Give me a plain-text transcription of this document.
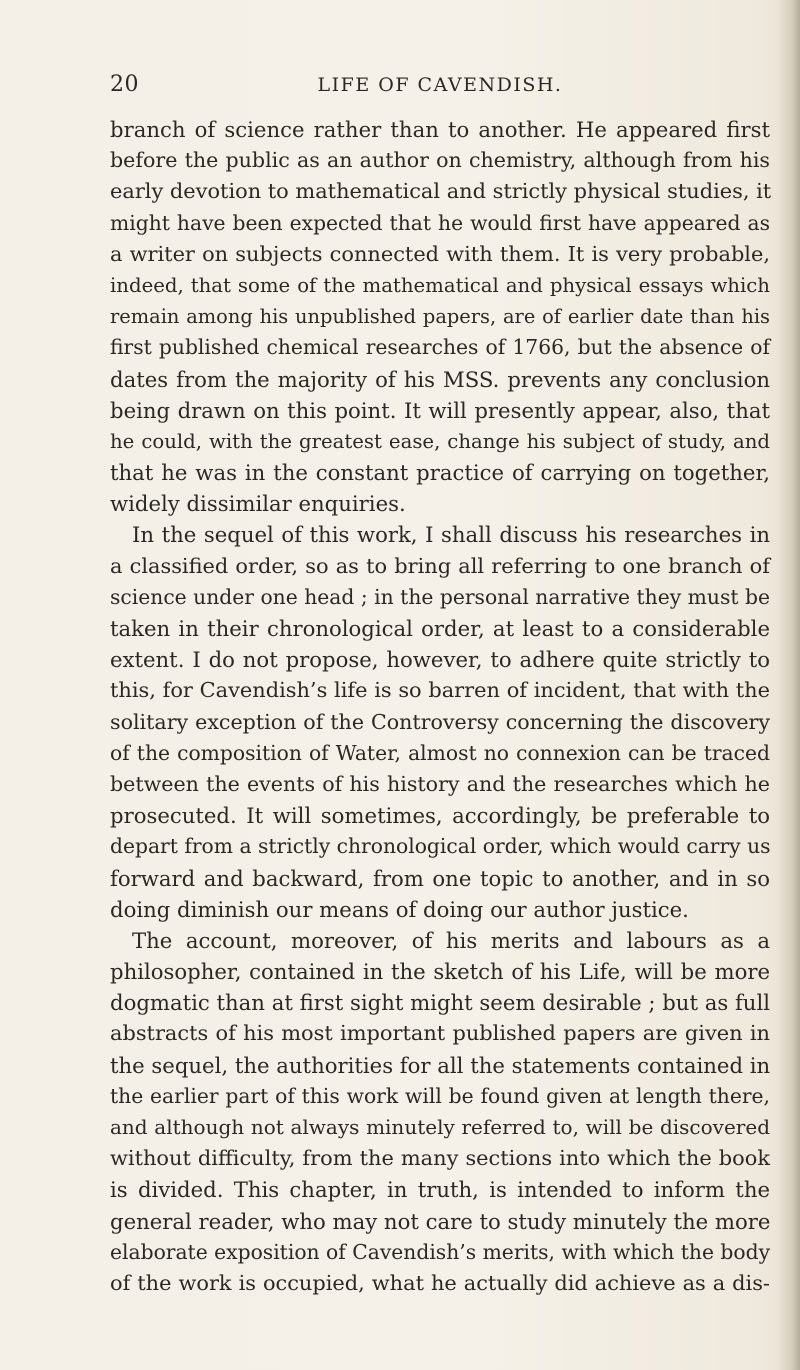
20	LIFE OF CAVENDISH.
branch of science rather than to another. He appeared first
before the public as an author on chemistry, although from his
early devotion to mathematical and strictly physical studies, it
might have been expected that he would first have appeared as
a writer on subjects connected with them. It is very probable,
indeed, that some of the mathematical and physical essays which
remain among his unpublished papers, are of earlier date than his
first published chemical researches of 1766, but the absence of
dates from the majority of his MSS. prevents any conclusion
being drawn on this point. It will presently appear, also, that
he could, with the greatest ease, change his subject of study, and
that he was in the constant practice of carrying on together,
widely dissimilar enquiries.
In the sequel of this work, I shall discuss his researches in
a classified order, so as to bring all referring to one branch of
science under one head ; in the personal narrative they must be
taken in their chronological order, at least to a considerable
extent. I do not propose, however, to adhere quite strictly to
this, for Cavendish’s life is so barren of incident, that with the
solitary exception of the Controversy concerning the discovery
of the composition of Water, almost no connexion can be traced
between the events of his history and the researches which he
prosecuted. It will sometimes, accordingly, be preferable to
depart from a strictly chronological order, which would carry us
forward and backward, from one topic to another, and in so
doing diminish our means of doing our author justice.
The account, moreover, of his merits and labours as a
philosopher, contained in the sketch of his Life, will be more
dogmatic than at first sight might seem desirable ; but as full
abstracts of his most important published papers are given in
the sequel, the authorities for all the statements contained in
the earlier part of this work will be found given at length there,
and although not always minutely referred to, will be discovered
without difficulty, from the many sections into which the book
is divided. This chapter, in truth, is intended to inform the
general reader, who may not care to study minutely the more
elaborate exposition of Cavendish’s merits, with which the body
of the work is occupied, what he actually did achieve as a dis-
